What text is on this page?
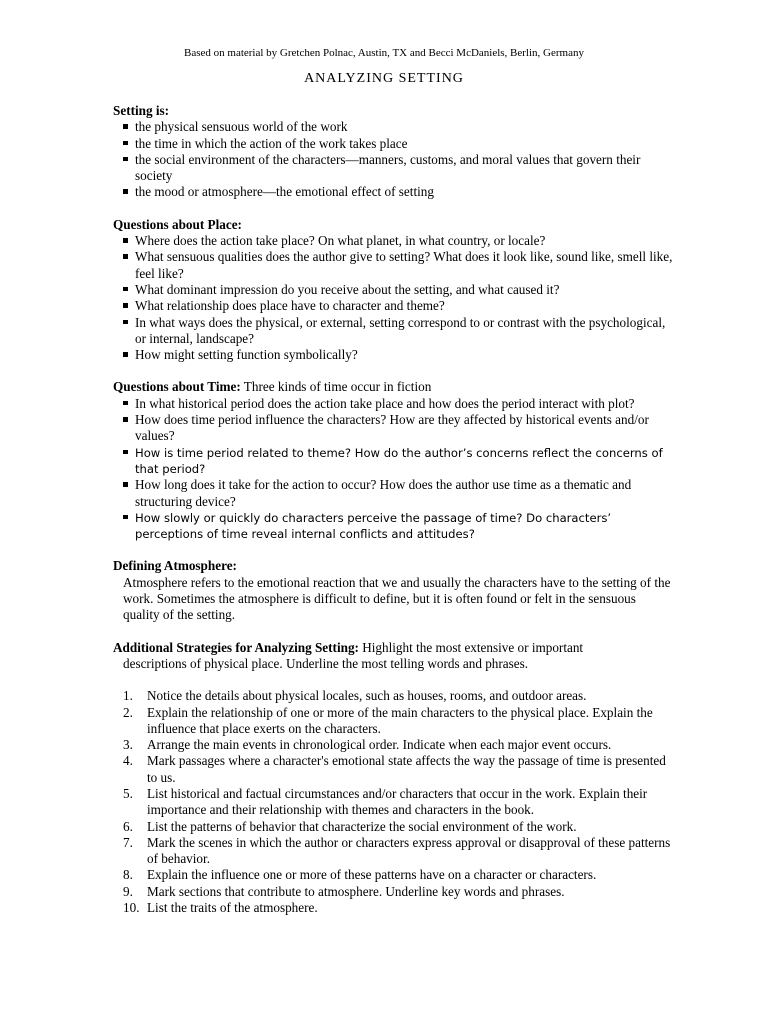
Based on material by Gretchen Polnac, Austin, TX and Becci McDaniels, Berlin, Germany
ANALYZING SETTING

Setting is:

the physical sensuous world of the work
the time in which the action of the work takes place
the social environment of the characters—manners, customs, and moral values that govern their society
the mood or atmosphere—the emotional effect of setting

Questions about Place:

Where does the action take place? On what planet, in what country, or locale?
What sensuous qualities does the author give to setting? What does it look like, sound like, smell like, feel like?
What dominant impression do you receive about the setting, and what caused it?
What relationship does place have to character and theme?
In what ways does the physical, or external, setting correspond to or contrast with the psychological, or internal, landscape?
How might setting function symbolically?

Questions about Time: Three kinds of time occur in fiction

In what historical period does the action take place and how does the period interact with plot?
How does time period influence the characters? How are they affected by historical events and/or values?
How is time period related to theme? How do the author’s concerns reflect the concerns of that period?
How long does it take for the action to occur? How does the author use time as a thematic and structuring device?
How slowly or quickly do characters perceive the passage of time? Do characters’ perceptions of time reveal internal conflicts and attitudes?

Defining Atmosphere:

Atmosphere refers to the emotional reaction that we and usually the characters have to the setting of the work. Sometimes the atmosphere is difficult to define, but it is often found or felt in the sensuous quality of the setting.

Additional Strategies for Analyzing Setting: Highlight the most extensive or important

descriptions of physical place. Underline the most telling words and phrases.
1.	Notice the details about physical locales, such as houses, rooms, and outdoor areas.
2.	Explain the relationship of one or more of the main characters to the physical place. Explain the influence that place exerts on the characters.
3.	Arrange the main events in chronological order. Indicate when each major event occurs.
4.	Mark passages where a character's emotional state affects the way the passage of time is presented to us.
5.	List historical and factual circumstances and/or characters that occur in the work. Explain their importance and their relationship with themes and characters in the book.
6.	List the patterns of behavior that characterize the social environment of the work.
7.	Mark the scenes in which the author or characters express approval or disapproval of these patterns of behavior.
8.	Explain the influence one or more of these patterns have on a character or characters.
9.	Mark sections that contribute to atmosphere. Underline key words and phrases.
10. List the traits of the atmosphere.
